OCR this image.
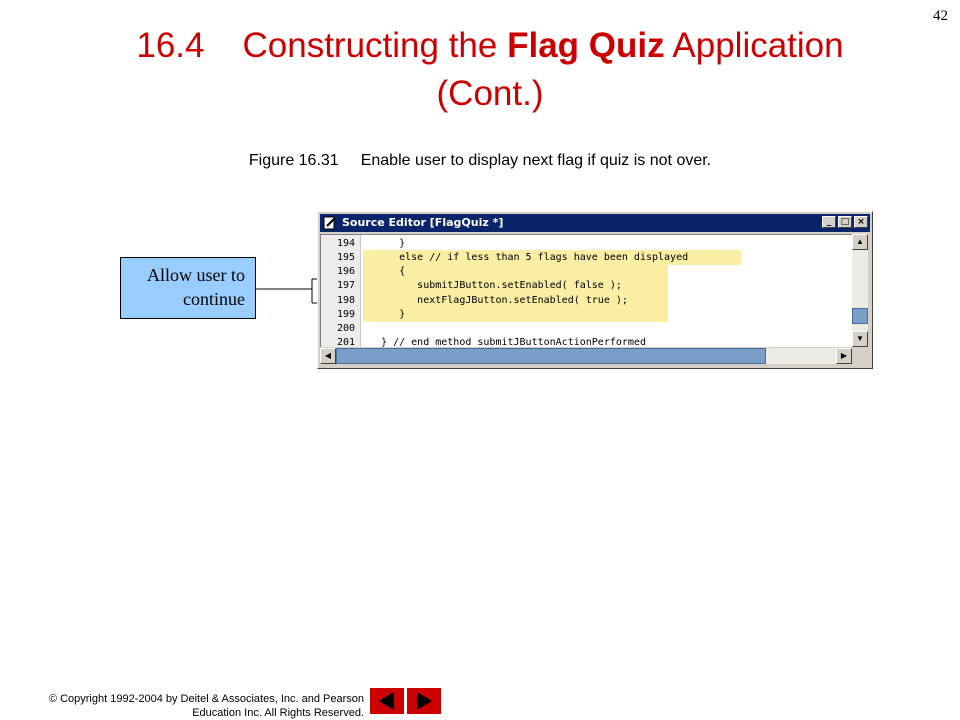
42
16.4 Constructing the Flag Quiz Application
(Cont.)
Figure 16.31 Enable user to display next flag if quiz is not over.
Allow user to
continue
Source Editor [FlagQuiz *]	_	□ ×
194 }
195 else // if less than 5 flags have been displayed
196 {
197 submitJButton.setEnabled( false );
198 nextFlagJButton.setEnabled( true );
199 }
200
201 } // end method submitJButtonActionPerformed
▲
▼
◀	▶
© Copyright 1992-2004 by Deitel & Associates, Inc. and Pearson
Education Inc. All Rights Reserved.
